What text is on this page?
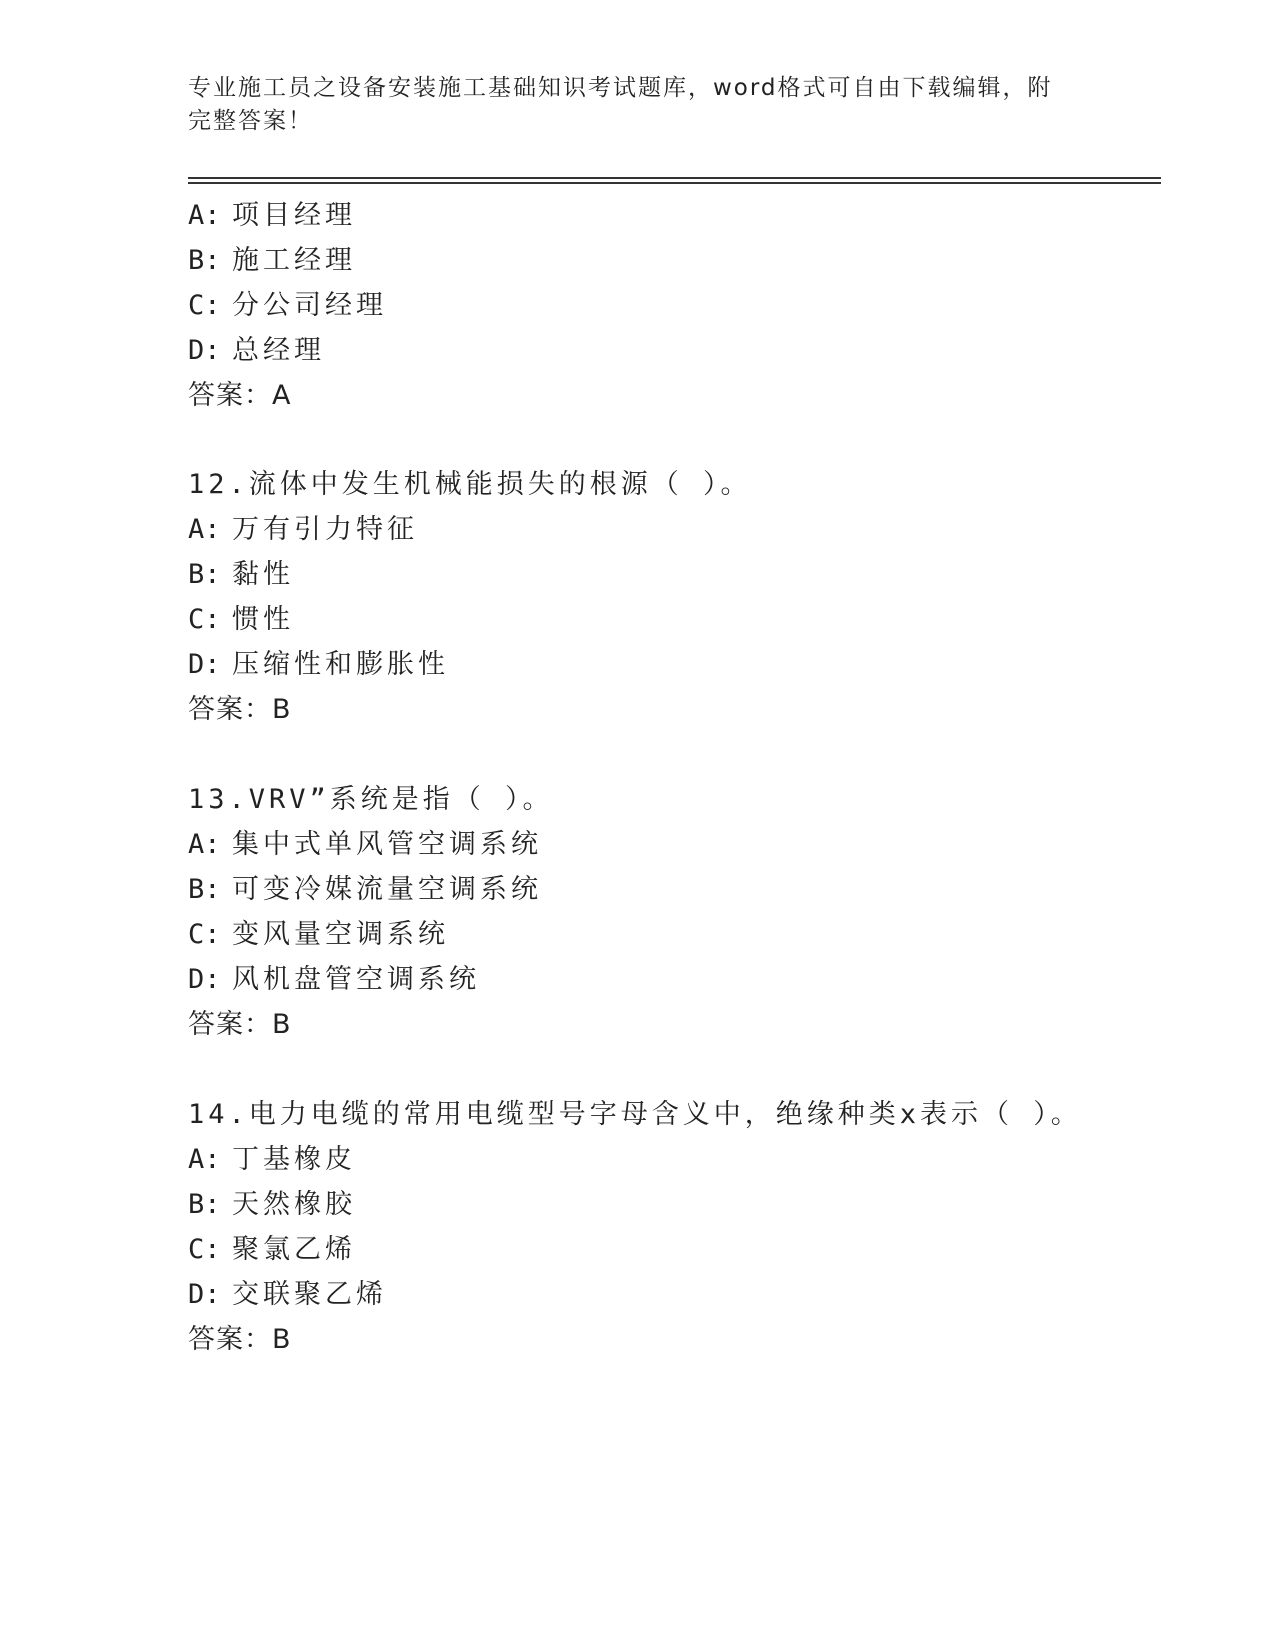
专业施工员之设备安装施工基础知识考试题库，word格式可自由下载编辑，附完整答案！
A: 项目经理
B: 施工经理
C: 分公司经理
D: 总经理
答案：A
12.流体中发生机械能损失的根源（ ）。
A: 万有引力特征
B: 黏性
C: 惯性
D: 压缩性和膨胀性
答案：B
13.VRV”系统是指（ ）。
A: 集中式单风管空调系统
B: 可变冷媒流量空调系统
C: 变风量空调系统
D: 风机盘管空调系统
答案：B
14.电力电缆的常用电缆型号字母含义中，绝缘种类x表示（ ）。
A: 丁基橡皮
B: 天然橡胶
C: 聚氯乙烯
D: 交联聚乙烯
答案：B
